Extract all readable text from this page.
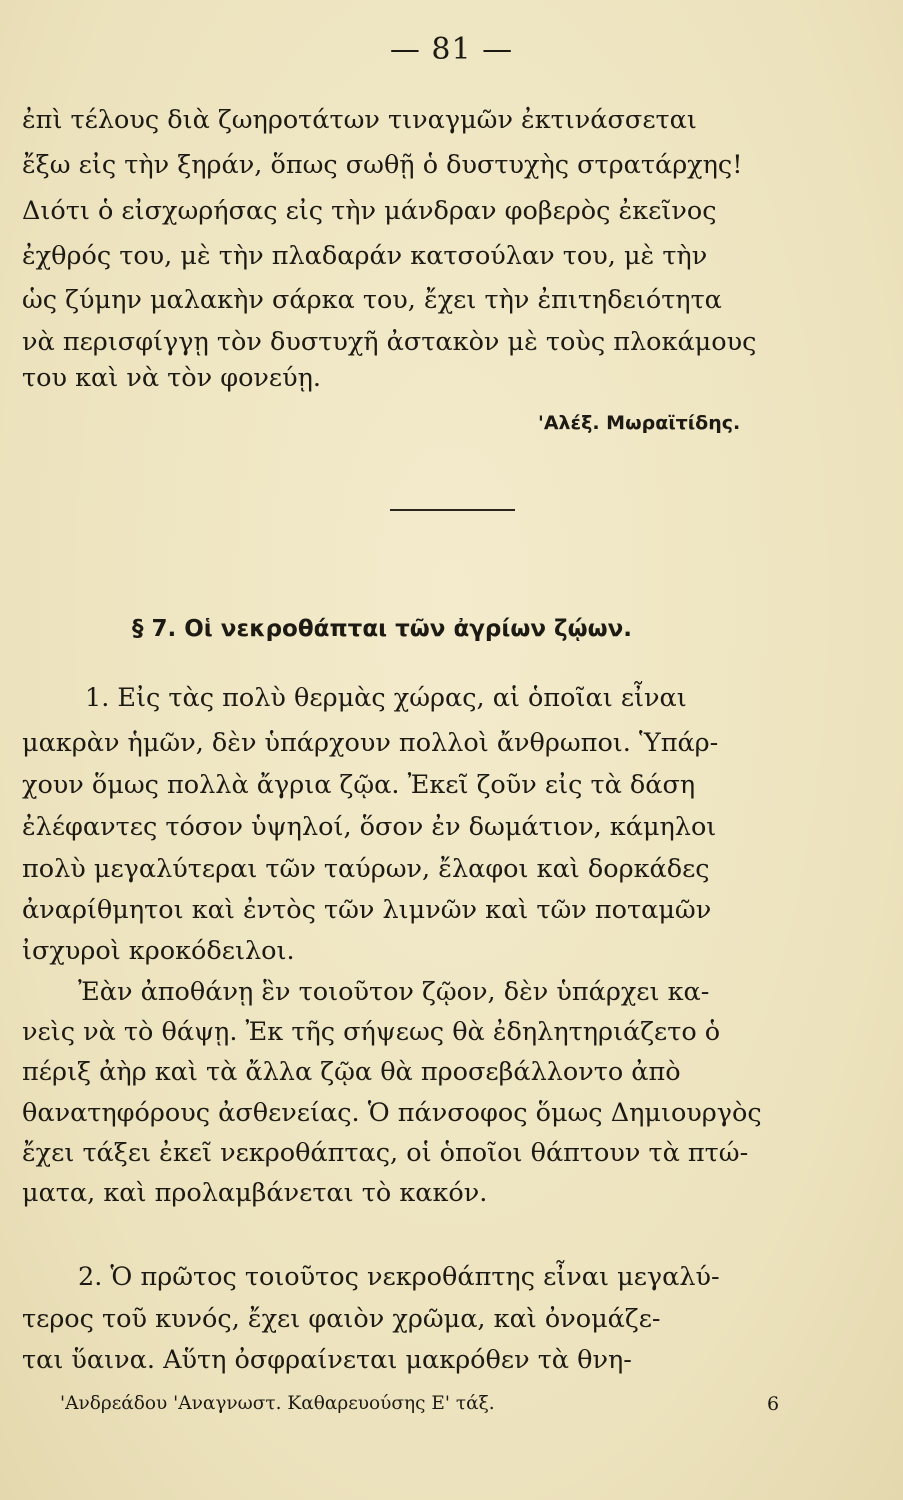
— 81 —
ἐπὶ τέλους διὰ ζωηροτάτων τιναγμῶν ἐκτινάσσεται
ἔξω εἰς τὴν ξηράν, ὅπως σωθῇ ὁ δυστυχὴς στρατάρχης!
Διότι ὁ εἰσχωρήσας εἰς τὴν μάνδραν φοβερὸς ἐκεῖνος
ἐχθρός του, μὲ τὴν πλαδαράν κατσούλαν του, μὲ τὴν
ὡς ζύμην μαλακὴν σάρκα του, ἔχει τὴν ἐπιτηδειότητα
νὰ περισφίγγῃ τὸν δυστυχῆ ἀστακὸν μὲ τοὺς πλοκάμους
του καὶ νὰ τὸν φονεύῃ.
'Αλέξ. Μωραϊτίδης.
§ 7. Οἱ νεκροθάπται τῶν ἀγρίων ζῴων.
1. Εἰς τὰς πολὺ θερμὰς χώρας, αἱ ὁποῖαι εἶναι
μακρὰν ἡμῶν, δὲν ὑπάρχουν πολλοὶ ἄνθρωποι. Ὑπάρ-
χουν ὅμως πολλὰ ἄγρια ζῷα. Ἐκεῖ ζοῦν εἰς τὰ δάση
ἐλέφαντες τόσον ὑψηλοί, ὅσον ἐν δωμάτιον, κάμηλοι
πολὺ μεγαλύτεραι τῶν ταύρων, ἔλαφοι καὶ δορκάδες
ἀναρίθμητοι καὶ ἐντὸς τῶν λιμνῶν καὶ τῶν ποταμῶν
ἰσχυροὶ κροκόδειλοι.
Ἐὰν ἀποθάνῃ ἓν τοιοῦτον ζῷον, δὲν ὑπάρχει κα-
νεὶς νὰ τὸ θάψῃ. Ἐκ τῆς σήψεως θὰ ἐδηλητηριάζετο ὁ
πέριξ ἀὴρ καὶ τὰ ἄλλα ζῷα θὰ προσεβάλλοντο ἀπὸ
θανατηφόρους ἀσθενείας. Ὁ πάνσοφος ὅμως Δημιουργὸς
ἔχει τάξει ἐκεῖ νεκροθάπτας, οἱ ὁποῖοι θάπτουν τὰ πτώ-
ματα, καὶ προλαμβάνεται τὸ κακόν.
2. Ὁ πρῶτος τοιοῦτος νεκροθάπτης εἶναι μεγαλύ-
τερος τοῦ κυνός, ἔχει φαιὸν χρῶμα, καὶ ὀνομάζε-
ται ὕαινα. Αὕτη ὀσφραίνεται μακρόθεν τὰ θνη-
'Ανδρεάδου 'Αναγνωστ. Καθαρευούσης Ε' τάξ.	6
